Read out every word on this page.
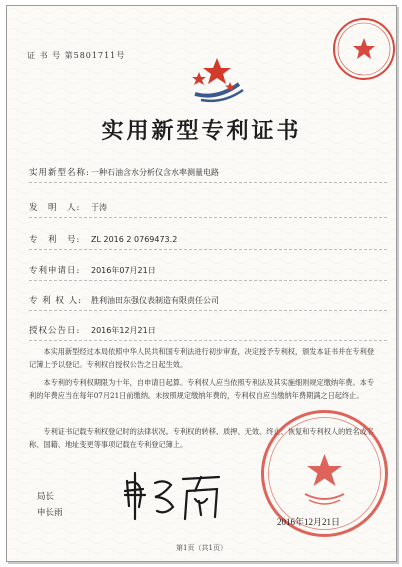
证 书 号 第5801711号
实用新型专利证书
实用新型名称:一种石油含水分析仪含水率测量电路
发　明　人: 于涛
专　利　号: ZL 2016 2 0769473.2
专利申请日: 2016年07月21日
专 利 权 人: 胜利油田东强仪表制造有限责任公司
授权公告日: 2016年12月21日

本实用新型经过本局依照中华人民共和国专利法进行初步审查，决定授予专利权，颁发本证书并在专利登记簿上予以登记。专利权自授权公告之日起生效。

本专利的专利权期限为十年，自申请日起算。专利权人应当依照专利法及其实施细则规定缴纳年费。本专利的年费应当在每年07月21日前缴纳。未按照规定缴纳年费的，专利权自应当缴纳年费期满之日起终止。

专利证书记载专利权登记时的法律状况。专利权的转移、质押、无效、终止、恢复和专利权人的姓名或名称、国籍、地址变更等事项记载在专利登记簿上。

局长
申长雨
2016年12月21日
第1页（共1页）
